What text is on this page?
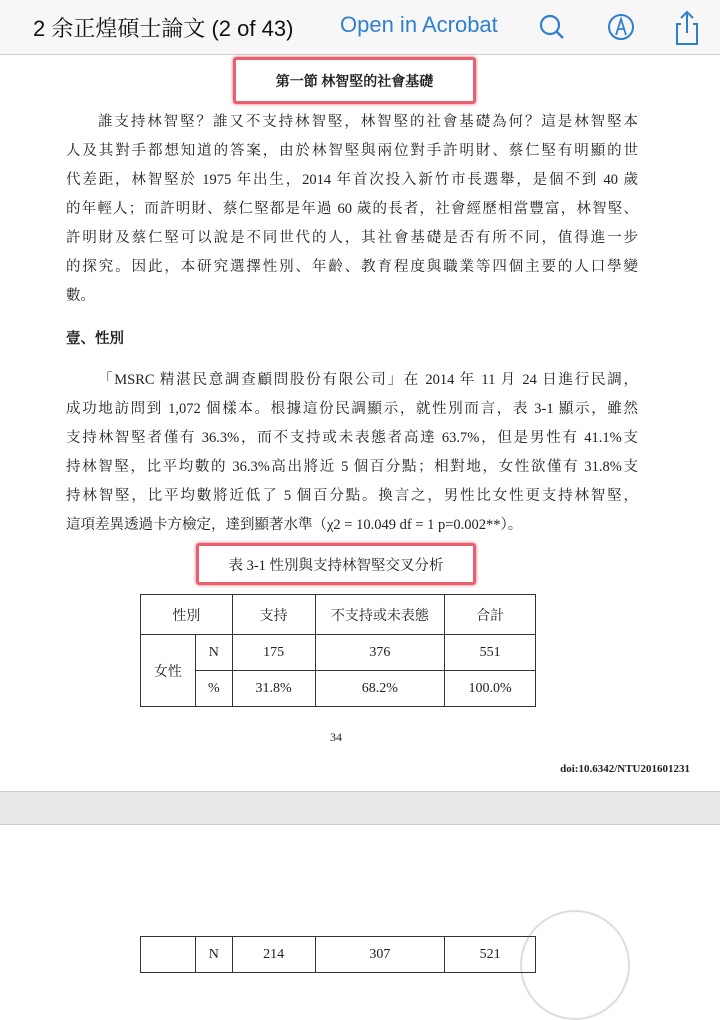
2 余正煌碩士論文 (2 of 43) Open in Acrobat
第一節 林智堅的社會基礎
誰支持林智堅？誰又不支持林智堅，林智堅的社會基礎為何？這是林智堅本
人及其對手都想知道的答案，由於林智堅與兩位對手許明財、蔡仁堅有明顯的世
代差距，林智堅於 1975 年出生，2014 年首次投入新竹市長選舉，是個不到 40 歲
的年輕人；而許明財、蔡仁堅都是年過 60 歲的長者，社會經歷相當豐富，林智堅、
許明財及蔡仁堅可以說是不同世代的人，其社會基礎是否有所不同，值得進一步
的探究。因此，本研究選擇性別、年齡、教育程度與職業等四個主要的人口學變
數。
壹、性別
「MSRC 精湛民意調查顧問股份有限公司」在 2014 年 11 月 24 日進行民調，
成功地訪問到 1,072 個樣本。根據這份民調顯示，就性別而言，表 3-1 顯示，雖然
支持林智堅者僅有 36.3%，而不支持或未表態者高達 63.7%，但是男性有 41.1%支
持林智堅，比平均數的 36.3%高出將近 5 個百分點；相對地，女性欲僅有 31.8%支
持林智堅，比平均數將近低了 5 個百分點。換言之，男性比女性更支持林智堅，
這項差異透過卡方檢定，達到顯著水準（χ2 = 10.049 df = 1 p=0.002**）。
表 3-1 性別與支持林智堅交叉分析
性別		支持	不支持或未表態	合計
女性	N	175	376	551
	%	31.8%	68.2%	100.0%
34
doi:10.6342/NTU201601231
	N	214	307	521
